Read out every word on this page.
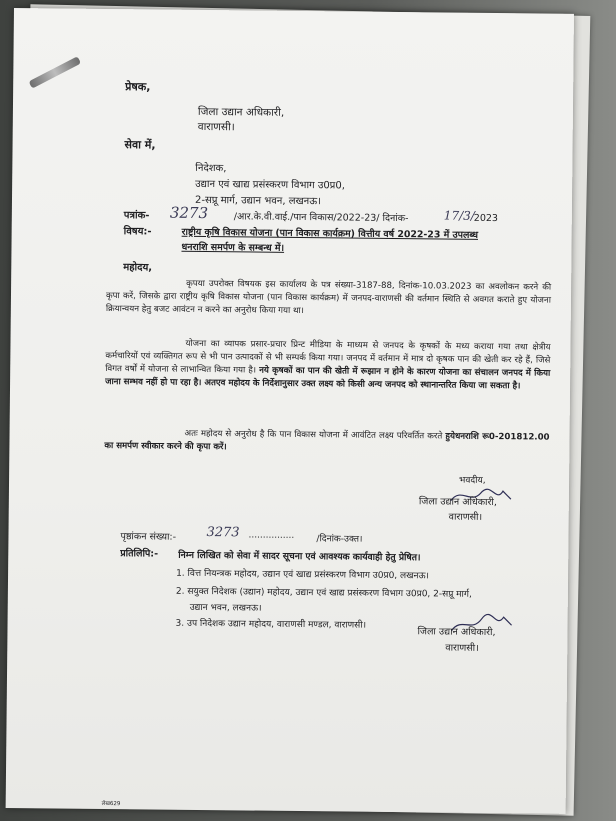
प्रेषक,
जिला उद्यान अधिकारी,
वाराणसी।
सेवा में,
निदेशक,
उद्यान एवं खाद्य प्रसंस्करण विभाग उ0प्र0,
2-सप्रू मार्ग, उद्यान भवन, लखनऊ।
पत्रांक- 3273	/आर.के.वी.वाई./पान विकास/2022-23/ दिनांक-	17/3/
2023
विषय:-	राष्ट्रीय कृषि विकास योजना (पान विकास कार्यक्रम) वित्तीय वर्ष 2022-23 में उपलब्ध
धनराशि समर्पण के सम्बन्ध में।
महोदय,
कृपया उपरोक्त विषयक इस कार्यालय के पत्र संख्या-3187-88, दिनांक-10.03.2023 का अवलोकन करने की कृपा करें, जिसके द्वारा राष्ट्रीय कृषि विकास योजना (पान विकास कार्यक्रम) में जनपद-वाराणसी की वर्तमान स्थिति से अवगत कराते हुए योजना क्रियान्वयन हेतु बजट आवंटन न करने का अनुरोध किया गया था।
योजना का व्यापक प्रसार-प्रचार प्रिन्ट मीडिया के माध्यम से जनपद के कृषकों के मध्य कराया गया तथा क्षेत्रीय कर्मचारियों एवं व्यक्तिगत रूप से भी पान उत्पादकों से भी सम्पर्क किया गया। जनपद में वर्तमान में मात्र दो कृषक पान की खेती कर रहे हैं, जिसे विगत वर्षों में योजना से लाभान्वित किया गया है। नये कृषकों का पान की खेती में रूझान न होने के कारण योजना का संचालन जनपद में किया जाना सम्भव नहीं हो पा रहा है। अतएव महोदय के निर्देशानुसार उक्त लक्ष्य को किसी अन्य जनपद को स्थानान्तरित किया जा सकता है।
अतः महोदय से अनुरोध है कि पान विकास योजना में आवंटित लक्ष्य परिवर्तित करते हुयेधनराशि रू0-201812.00 का समर्पण स्वीकार करने की कृपा करें।
भवदीय,
जिला उद्यान अधिकारी,
वाराणसी।
पृष्ठांकन संख्या:- 3273 ................ /दिनांक-उक्त।
प्रतिलिपि:- निम्न लिखित को सेवा में सादर सूचना एवं आवश्यक कार्यवाही हेतु प्रेषित।
1. वित्त नियन्त्रक महोदय, उद्यान एवं खाद्य प्रसंस्करण विभाग उ0प्र0, लखनऊ।
2. सयुक्त निदेशक (उद्यान) महोदय, उद्यान एवं खाद्य प्रसंस्करण विभाग उ0प्र0, 2-सप्रू मार्ग,
उद्यान भवन, लखनऊ।
3. उप निदेशक उद्यान महोदय, वाराणसी मण्डल, वाराणसी।
जिला उद्यान अधिकारी,
वाराणसी।
लेख629
